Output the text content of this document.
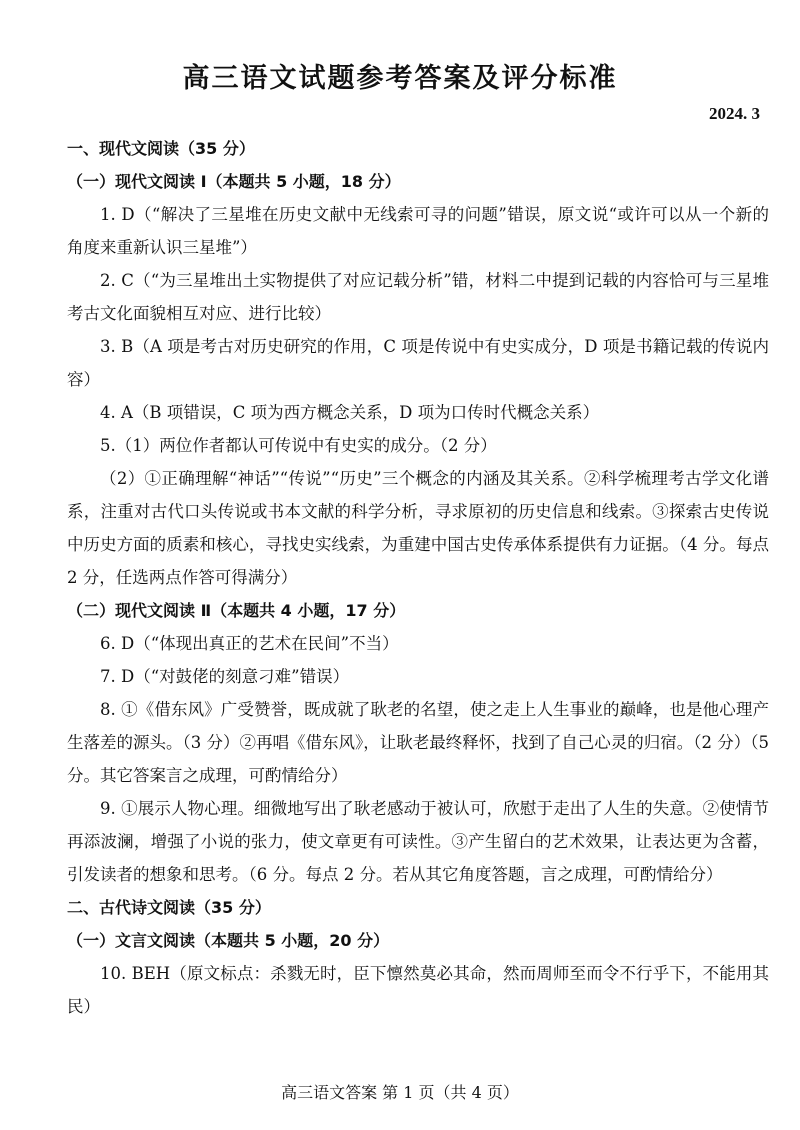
高三语文试题参考答案及评分标准
2024. 3

一、现代文阅读（35 分）

（一）现代文阅读 Ⅰ（本题共 5 小题，18 分）

1. D（“解决了三星堆在历史文献中无线索可寻的问题”错误，原文说“或许可以从一个新的角度来重新认识三星堆”）

2. C（“为三星堆出土实物提供了对应记载分析”错，材料二中提到记载的内容恰可与三星堆考古文化面貌相互对应、进行比较）

3. B（A 项是考古对历史研究的作用，C 项是传说中有史实成分，D 项是书籍记载的传说内容）

4. A（B 项错误，C 项为西方概念关系，D 项为口传时代概念关系）

5.（1）两位作者都认可传说中有史实的成分。（2 分）

（2）①正确理解“神话”“传说”“历史”三个概念的内涵及其关系。②科学梳理考古学文化谱系，注重对古代口头传说或书本文献的科学分析，寻求原初的历史信息和线索。③探索古史传说中历史方面的质素和核心，寻找史实线索，为重建中国古史传承体系提供有力证据。（4 分。每点 2 分，任选两点作答可得满分）

（二）现代文阅读 Ⅱ（本题共 4 小题，17 分）

6. D（“体现出真正的艺术在民间”不当）

7. D（“对鼓佬的刻意刁难”错误）

8. ①《借东风》广受赞誉，既成就了耿老的名望，使之走上人生事业的巅峰，也是他心理产生落差的源头。（3 分）②再唱《借东风》，让耿老最终释怀，找到了自己心灵的归宿。（2 分）（5 分。其它答案言之成理，可酌情给分）

9. ①展示人物心理。细微地写出了耿老感动于被认可，欣慰于走出了人生的失意。②使情节再添波澜，增强了小说的张力，使文章更有可读性。③产生留白的艺术效果，让表达更为含蓄，引发读者的想象和思考。（6 分。每点 2 分。若从其它角度答题，言之成理，可酌情给分）

二、古代诗文阅读（35 分）

（一）文言文阅读（本题共 5 小题，20 分）

10. BEH（原文标点：杀戮无时，臣下懔然莫必其命，然而周师至而令不行乎下，不能用其民）

高三语文答案 第 1 页（共 4 页）
